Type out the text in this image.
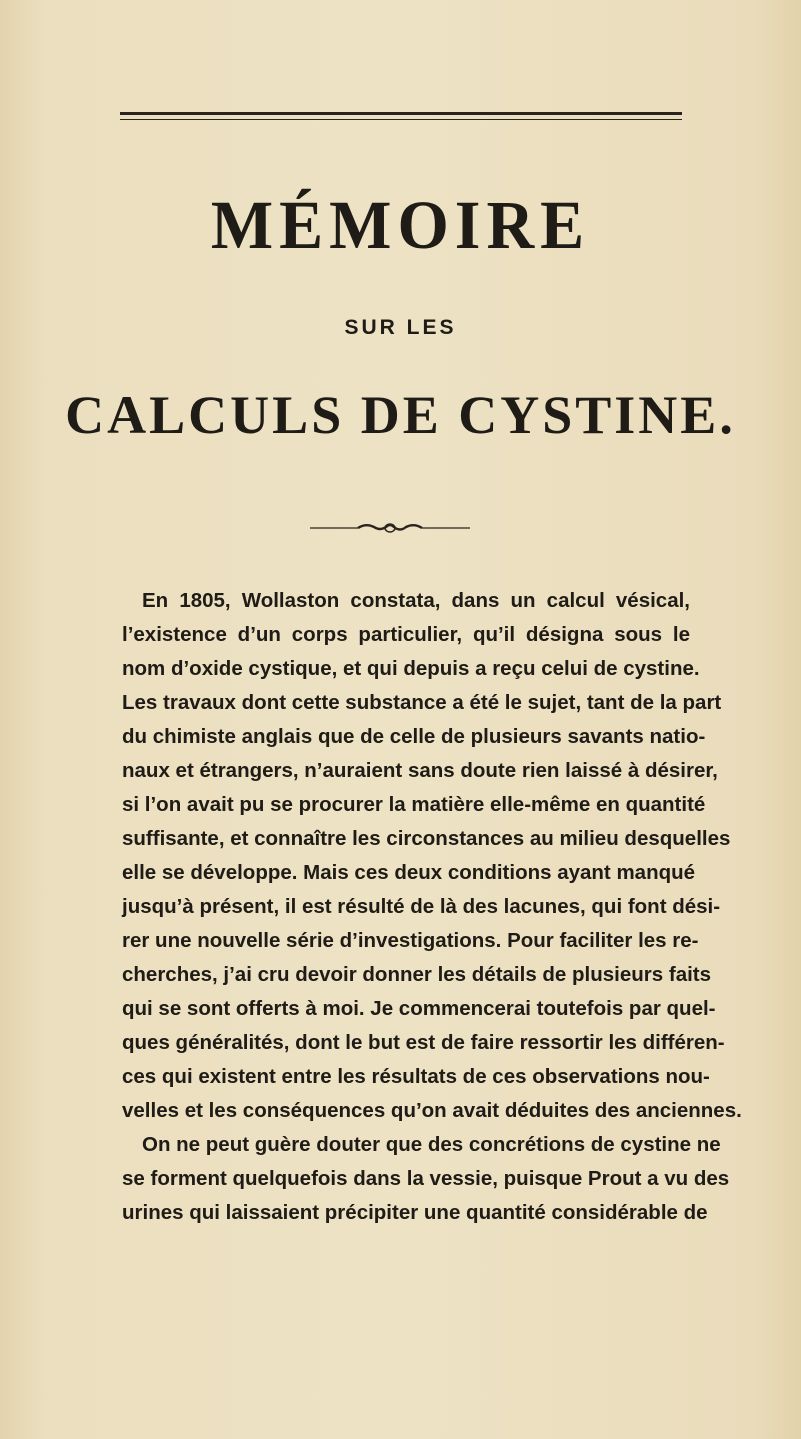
MÉMOIRE
SUR LES
CALCULS DE CYSTINE.
En 1805, Wollaston constata, dans un calcul vésical,
l’existence d’un corps particulier, qu’il désigna sous le
nom d’oxide cystique, et qui depuis a reçu celui de cystine.
Les travaux dont cette substance a été le sujet, tant de la part
du chimiste anglais que de celle de plusieurs savants natio-
naux et étrangers, n’auraient sans doute rien laissé à désirer,
si l’on avait pu se procurer la matière elle-même en quantité
suffisante, et connaître les circonstances au milieu desquelles
elle se développe. Mais ces deux conditions ayant manqué
jusqu’à présent, il est résulté de là des lacunes, qui font dési-
rer une nouvelle série d’investigations. Pour faciliter les re-
cherches, j’ai cru devoir donner les détails de plusieurs faits
qui se sont offerts à moi. Je commencerai toutefois par quel-
ques généralités, dont le but est de faire ressortir les différen-
ces qui existent entre les résultats de ces observations nou-
velles et les conséquences qu’on avait déduites des anciennes.
On ne peut guère douter que des concrétions de cystine ne
se forment quelquefois dans la vessie, puisque Prout a vu des
urines qui laissaient précipiter une quantité considérable de
